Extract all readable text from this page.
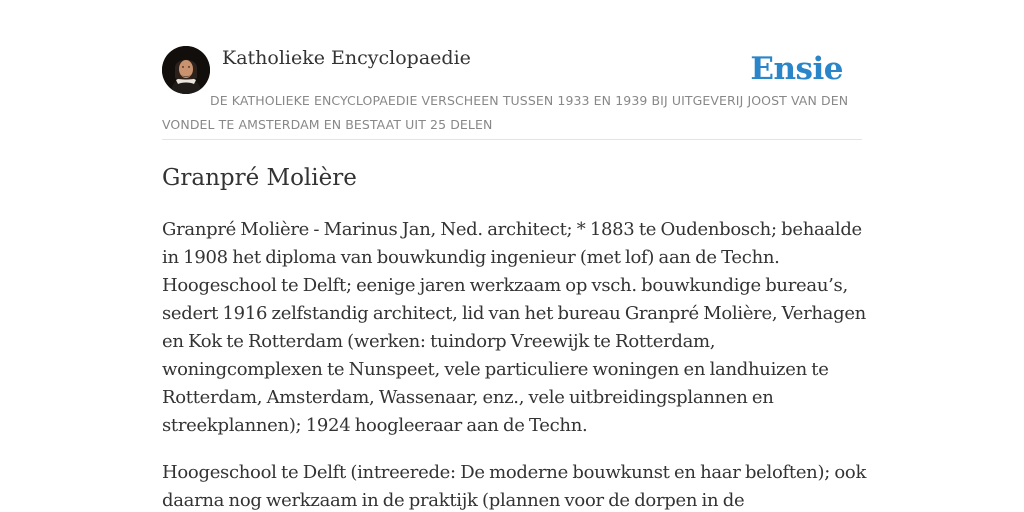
Katholieke Encyclopaedie	Ensie
DE KATHOLIEKE ENCYCLOPAEDIE VERSCHEEN TUSSEN 1933 EN 1939 BIJ UITGEVERIJ JOOST VAN DEN VONDEL TE AMSTERDAM EN BESTAAT UIT 25 DELEN
Granpré Molière

Granpré Molière - Marinus Jan, Ned. architect; * 1883 te Oudenbosch; behaalde in 1908 het diploma van bouwkundig ingenieur (met lof) aan de Techn. Hoogeschool te Delft; eenige jaren werkzaam op vsch. bouwkundige bureau’s, sedert 1916 zelfstandig architect, lid van het bureau Granpré Molière, Verhagen en Kok te Rotterdam (werken: tuindorp Vreewijk te Rotterdam, woningcomplexen te Nunspeet, vele particuliere woningen en landhuizen te Rotterdam, Amsterdam, Wassenaar, enz., vele uitbreidingsplannen en streekplannen); 1924 hoogleeraar aan de Techn.

Hoogeschool te Delft (intreerede: De moderne bouwkunst en haar beloften); ook daarna nog werkzaam in de praktijk (plannen voor de dorpen in de
